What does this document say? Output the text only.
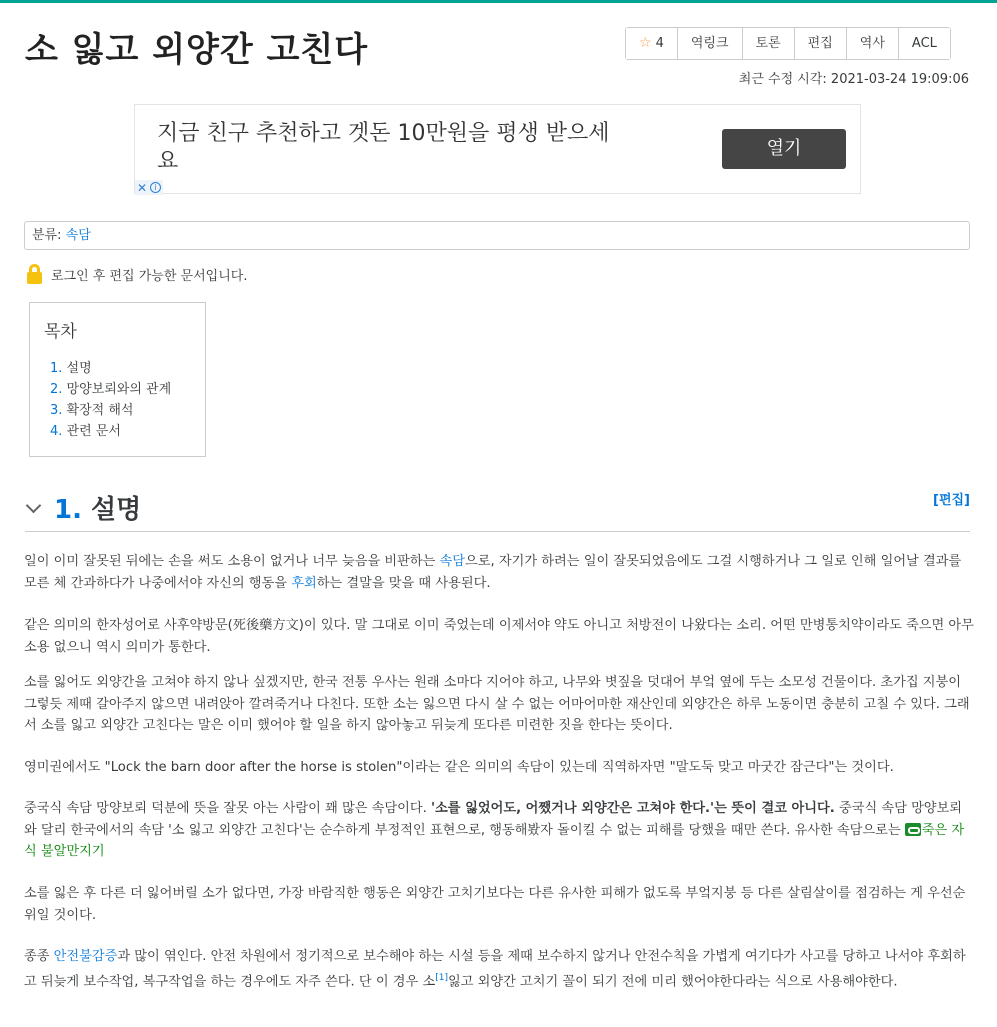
소 잃고 외양간 고친다	☆ 4	역링크	토론	편집	역사	ACL
최근 수정 시각: 2021-03-24 19:09:06
지금 친구 추천하고 겟돈 10만원을 평생 받으세요
열기
✕ i
분류: 속담
로그인 후 편집 가능한 문서입니다.
목차
1. 설명
2. 망양보뢰와의 관계
3. 확장적 해석
4. 관련 문서
1. 설명	[편집]

일이 이미 잘못된 뒤에는 손을 써도 소용이 없거나 너무 늦음을 비판하는 속담으로, 자기가 하려는 일이 잘못되었음에도 그걸 시행하거나 그 일로 인해 일어날 결과를 모른 체 간과하다가 나중에서야 자신의 행동을 후회하는 결말을 맞을 때 사용된다.

같은 의미의 한자성어로 사후약방문(死後藥方文)이 있다. 말 그대로 이미 죽었는데 이제서야 약도 아니고 처방전이 나왔다는 소리. 어떤 만병통치약이라도 죽으면 아무 소용 없으니 역시 의미가 통한다.

소를 잃어도 외양간을 고쳐야 하지 않나 싶겠지만, 한국 전통 우사는 원래 소마다 지어야 하고, 나무와 볏짚을 덧대어 부엌 옆에 두는 소모성 건물이다. 초가집 지붕이 그렇듯 제때 갈아주지 않으면 내려앉아 깔려죽거나 다친다. 또한 소는 잃으면 다시 살 수 없는 어마어마한 재산인데 외양간은 하루 노동이면 충분히 고칠 수 있다. 그래서 소를 잃고 외양간 고친다는 말은 이미 했어야 할 일을 하지 않아놓고 뒤늦게 또다른 미련한 짓을 한다는 뜻이다.

영미권에서도 "Lock the barn door after the horse is stolen"이라는 같은 의미의 속담이 있는데 직역하자면 "말도둑 맞고 마굿간 잠근다"는 것이다.

중국식 속담 망양보뢰 덕분에 뜻을 잘못 아는 사람이 꽤 많은 속담이다. '소를 잃었어도, 어쨌거나 외양간은 고쳐야 한다.'는 뜻이 결코 아니다. 중국식 속담 망양보뢰와 달리 한국에서의 속담 '소 잃고 외양간 고친다'는 순수하게 부정적인 표현으로, 행동해봤자 돌이킬 수 없는 피해를 당했을 때만 쓴다. 유사한 속담으로는 죽은 자식 불알만지기

소를 잃은 후 다른 더 잃어버릴 소가 없다면, 가장 바람직한 행동은 외양간 고치기보다는 다른 유사한 피해가 없도록 부엌지붕 등 다른 살림살이를 점검하는 게 우선순위일 것이다.

종종 안전불감증과 많이 엮인다. 안전 차원에서 정기적으로 보수해야 하는 시설 등을 제때 보수하지 않거나 안전수칙을 가볍게 여기다가 사고를 당하고 나서야 후회하고 뒤늦게 보수작업, 복구작업을 하는 경우에도 자주 쓴다. 단 이 경우 소[1]잃고 외양간 고치기 꼴이 되기 전에 미리 했어야한다라는 식으로 사용해야한다.
